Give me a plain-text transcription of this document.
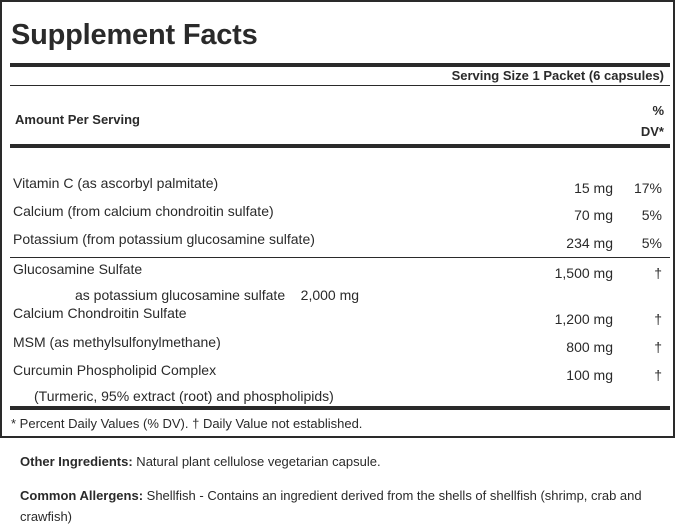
Supplement Facts
Serving Size 1 Packet (6 capsules)
Amount Per Serving
%
DV*
Vitamin C (as ascorbyl palmitate)	15 mg 17%
Calcium (from calcium chondroitin sulfate)	70 mg 5%
Potassium (from potassium glucosamine sulfate)	234 mg 5%
Glucosamine Sulfate	1,500 mg	†
as potassium glucosamine sulfate    2,000 mg
Calcium Chondroitin Sulfate	1,200 mg	†
MSM (as methylsulfonylmethane)	800 mg	†
Curcumin Phospholipid Complex	100 mg	†
(Turmeric, 95% extract (root) and phospholipids)
* Percent Daily Values (% DV). † Daily Value not established.
Other Ingredients: Natural plant cellulose vegetarian capsule.
Common Allergens: Shellfish - Contains an ingredient derived from the shells of shellfish (shrimp, crab and crawfish)
